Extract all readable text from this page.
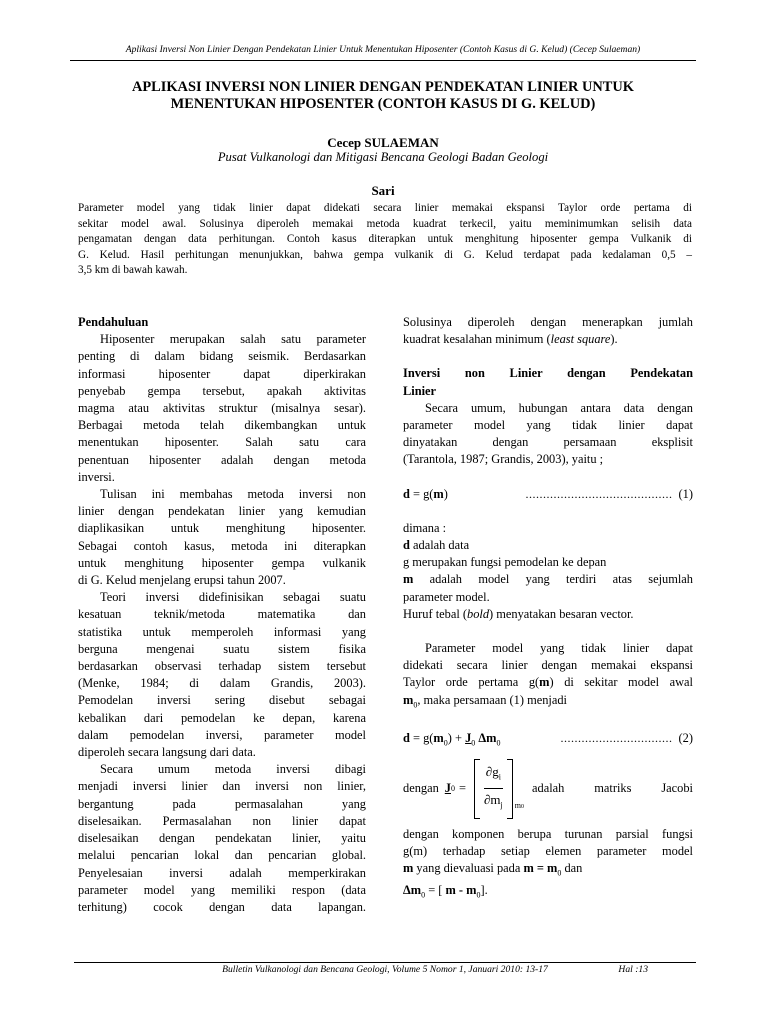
Aplikasi Inversi Non Linier Dengan Pendekatan Linier Untuk Menentukan Hiposenter (Contoh Kasus di G. Kelud) (Cecep Sulaeman)
APLIKASI INVERSI NON LINIER DENGAN PENDEKATAN LINIER UNTUK
MENENTUKAN HIPOSENTER (CONTOH KASUS DI G. KELUD)
Cecep SULAEMAN
Pusat Vulkanologi dan Mitigasi Bencana Geologi Badan Geologi
Sari
Parameter model yang tidak linier dapat didekati secara linier memakai ekspansi Taylor orde pertama di
sekitar model awal. Solusinya diperoleh memakai metoda kuadrat terkecil, yaitu meminimumkan selisih data
pengamatan dengan data perhitungan. Contoh kasus diterapkan untuk menghitung hiposenter gempa Vulkanik di
G. Kelud. Hasil perhitungan menunjukkan, bahwa gempa vulkanik di G. Kelud terdapat pada kedalaman 0,5 –
3,5 km di bawah kawah.
Pendahuluan

Hiposenter merupakan salah satu parameter
penting di dalam bidang seismik. Berdasarkan
informasi hiposenter dapat diperkirakan
penyebab gempa tersebut, apakah aktivitas
magma atau aktivitas struktur (misalnya sesar).
Berbagai metoda telah dikembangkan untuk
menentukan hiposenter. Salah satu cara
penentuan hiposenter adalah dengan metoda
inversi.

Tulisan ini membahas metoda inversi non
linier dengan pendekatan linier yang kemudian
diaplikasikan untuk menghitung hiposenter.
Sebagai contoh kasus, metoda ini diterapkan
untuk menghitung hiposenter gempa vulkanik
di G. Kelud menjelang erupsi tahun 2007.

Teori inversi didefinisikan sebagai suatu
kesatuan teknik/metoda matematika dan
statistika untuk memperoleh informasi yang
berguna mengenai suatu sistem fisika
berdasarkan observasi terhadap sistem tersebut
(Menke, 1984; di dalam Grandis, 2003).
Pemodelan inversi sering disebut sebagai
kebalikan dari pemodelan ke depan, karena
dalam pemodelan inversi, parameter model
diperoleh secara langsung dari data.

Secara umum metoda inversi dibagi
menjadi inversi linier dan inversi non linier,
bergantung pada permasalahan yang
diselesaikan. Permasalahan non linier dapat
diselesaikan dengan pendekatan linier, yaitu
melalui pencarian lokal dan pencarian global.
Penyelesaian inversi adalah memperkirakan
parameter model yang memiliki respon (data
terhitung) cocok dengan data lapangan.

Solusinya diperoleh dengan menerapkan jumlah
kuadrat kesalahan minimum (least square).

Inversi non Linier dengan Pendekatan
Linier

Secara umum, hubungan antara data dengan
parameter model yang tidak linier dapat
dinyatakan dengan persamaan eksplisit
(Tarantola, 1987; Grandis, 2003), yaitu ;

d = g(m)	.......................................... (1)
dimana :
d adalah data
g merupakan fungsi pemodelan ke depan
m adalah model yang terdiri atas sejumlah
parameter model.
Huruf tebal (bold) menyatakan besaran vector.

Parameter model yang tidak linier dapat
didekati secara linier dengan memakai ekspansi
Taylor orde pertama g(m) di sekitar model awal
$m_0$, maka persamaan (1) menjadi

$d = g(m_0) + J_0$ $\Delta m_0$	................................ (2)
dengan J 0 =
$\partial g_i$
$\partial m_j$ m0
adalah matriks Jacobi

dengan komponen berupa turunan parsial fungsi
g(m) terhadap setiap elemen parameter model
m yang dievaluasi pada $m = m_0$ dan
$\Delta m_0$ = [ m - $m_0$].

Bulletin Vulkanologi dan Bencana Geologi, Volume 5 Nomor 1, Januari 2010: 13-17	Hal :13
